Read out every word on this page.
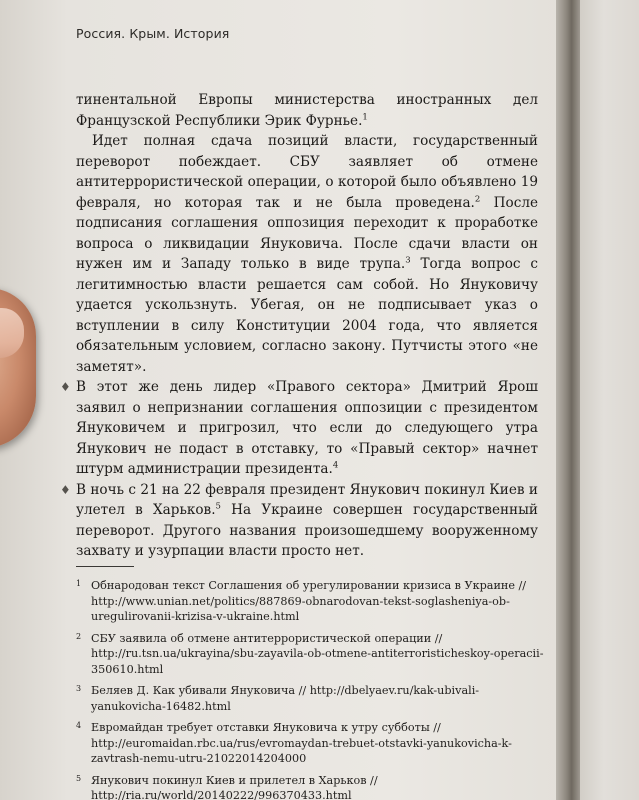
Россия. Крым. История

тинентальной Европы министерства иностранных дел Французской Республики Эрик Фурнье.$^1$

Идет полная сдача позиций власти, государственный переворот побеждает. СБУ заявляет об отмене антитеррористической операции, о которой было объявлено 19 февраля, но которая так и не была проведена.$^2$ После подписания соглашения оппозиция переходит к проработке вопроса о ликвидации Януковича. После сдачи власти он нужен им и Западу только в виде трупа.$^3$ Тогда вопрос с легитимностью власти решается сам собой. Но Януковичу удается ускользнуть. Убегая, он не подписывает указ о вступлении в силу Конституции 2004 года, что является обязательным условием, согласно закону. Путчисты этого «не заметят».

♦ В этот же день лидер «Правого сектора» Дмитрий Ярош заявил о непризнании соглашения оппозиции с президентом Януковичем и пригрозил, что если до следующего утра Янукович не подаст в отставку, то «Правый сектор» начнет штурм администрации президента.$^4$

♦ В ночь с 21 на 22 февраля президент Янукович покинул Киев и улетел в Харьков.$^5$ На Украине совершен государственный переворот. Другого названия произошедшему вооруженному захвату и узурпации власти просто нет.

1 Обнародован текст Соглашения об урегулировании кризиса в Украине // http://www.unian.net/politics/887869-obnarodovan-tekst-soglasheniya-ob-uregulirovanii-krizisa-v-ukraine.html
2 СБУ заявила об отмене антитеррористической операции // http://ru.tsn.ua/ukrayina/sbu-zayavila-ob-otmene-antiterroristicheskoy-operacii-350610.html
3 Беляев Д. Как убивали Януковича // http://dbelyaev.ru/kak-ubivali-yanukovicha-16482.html
4 Евромайдан требует отставки Януковича к утру субботы // http://euromaidan.rbc.ua/rus/evromaydan-trebuet-otstavki-yanukovicha-k-zavtrash-nemu-utru-21022014204000
5 Янукович покинул Киев и прилетел в Харьков // http://ria.ru/world/20140222/996370433.html
